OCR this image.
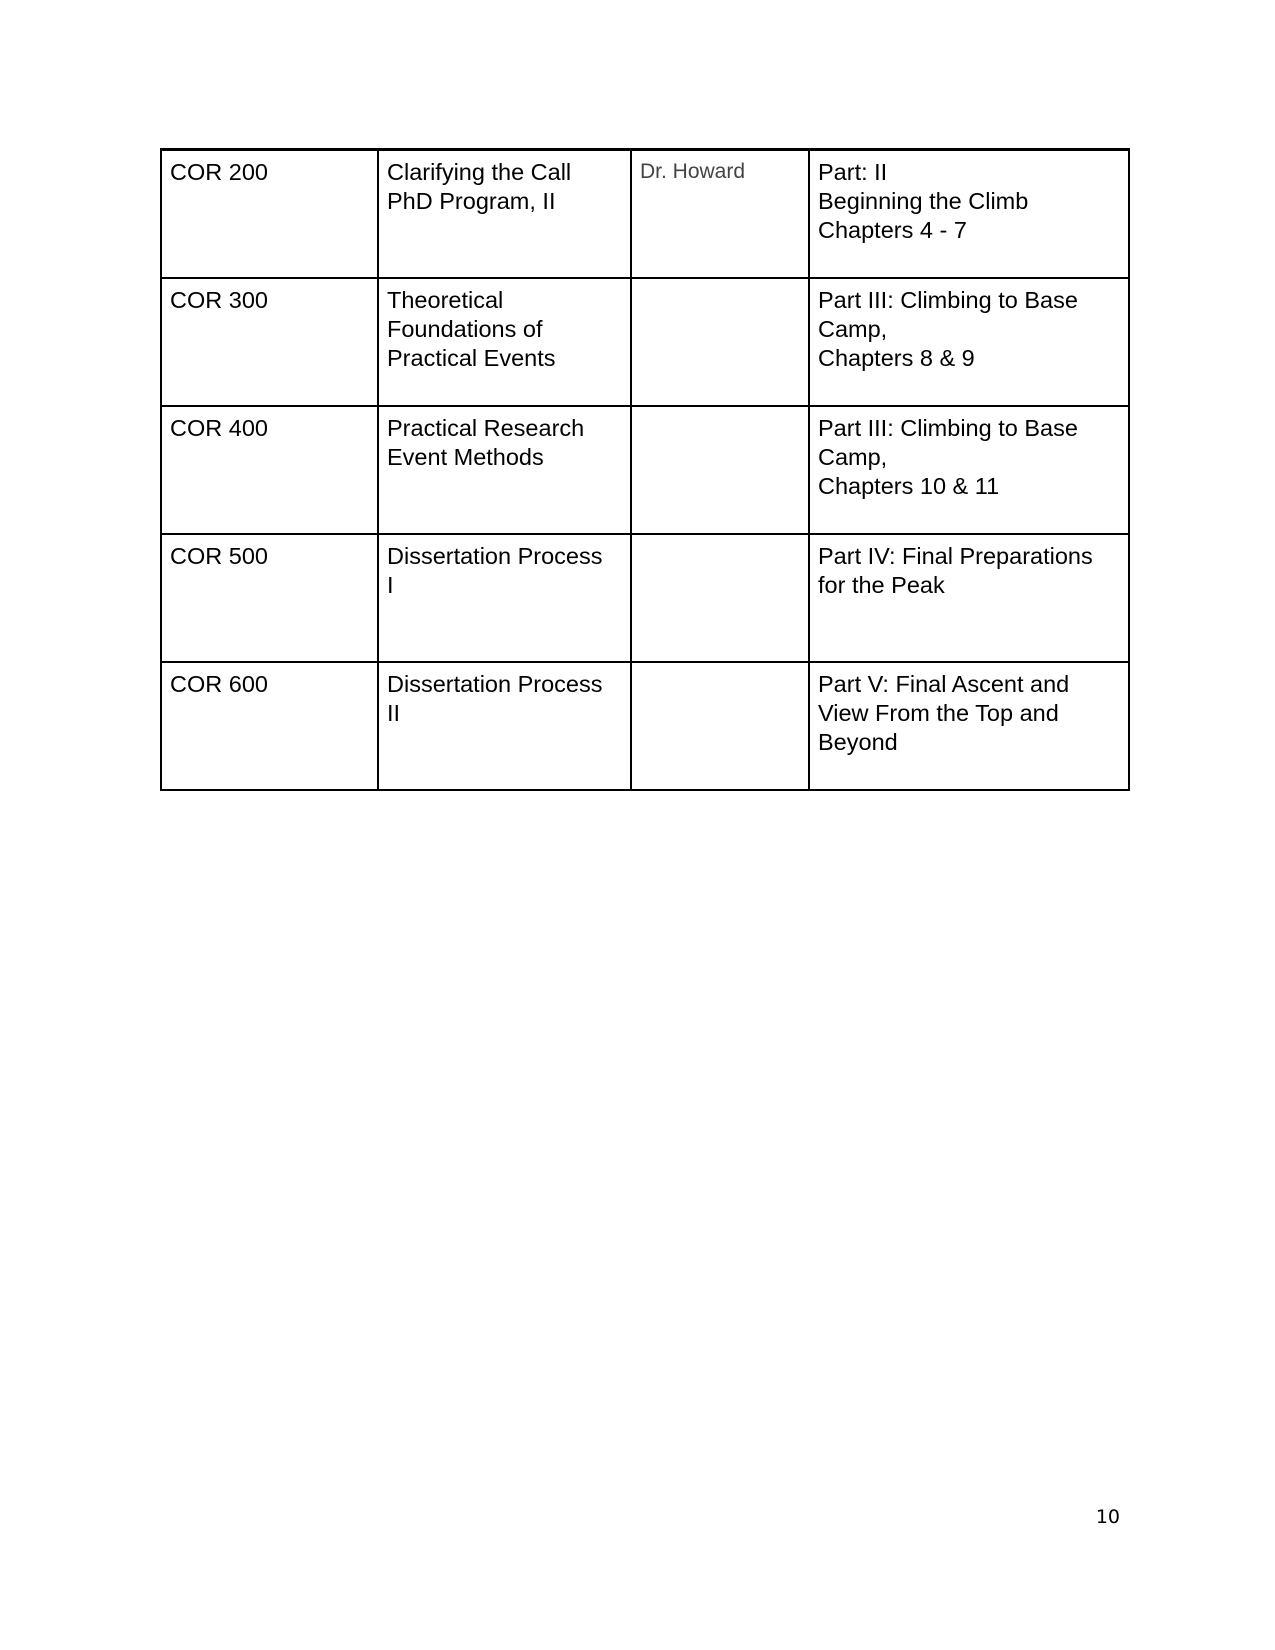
COR 200	Clarifying the Call
PhD Program, II	Dr. Howard	Part: II
Beginning the Climb
Chapters 4 - 7

COR 300	Theoretical
Foundations of
Practical Events		Part III: Climbing to Base
Camp,
Chapters 8 & 9

COR 400	Practical Research
Event Methods		Part III: Climbing to Base
Camp,
Chapters 10 & 11

COR 500	Dissertation Process
I		Part IV: Final Preparations
for the Peak

COR 600	Dissertation Process
II		Part V: Final Ascent and
View From the Top and
Beyond
10
